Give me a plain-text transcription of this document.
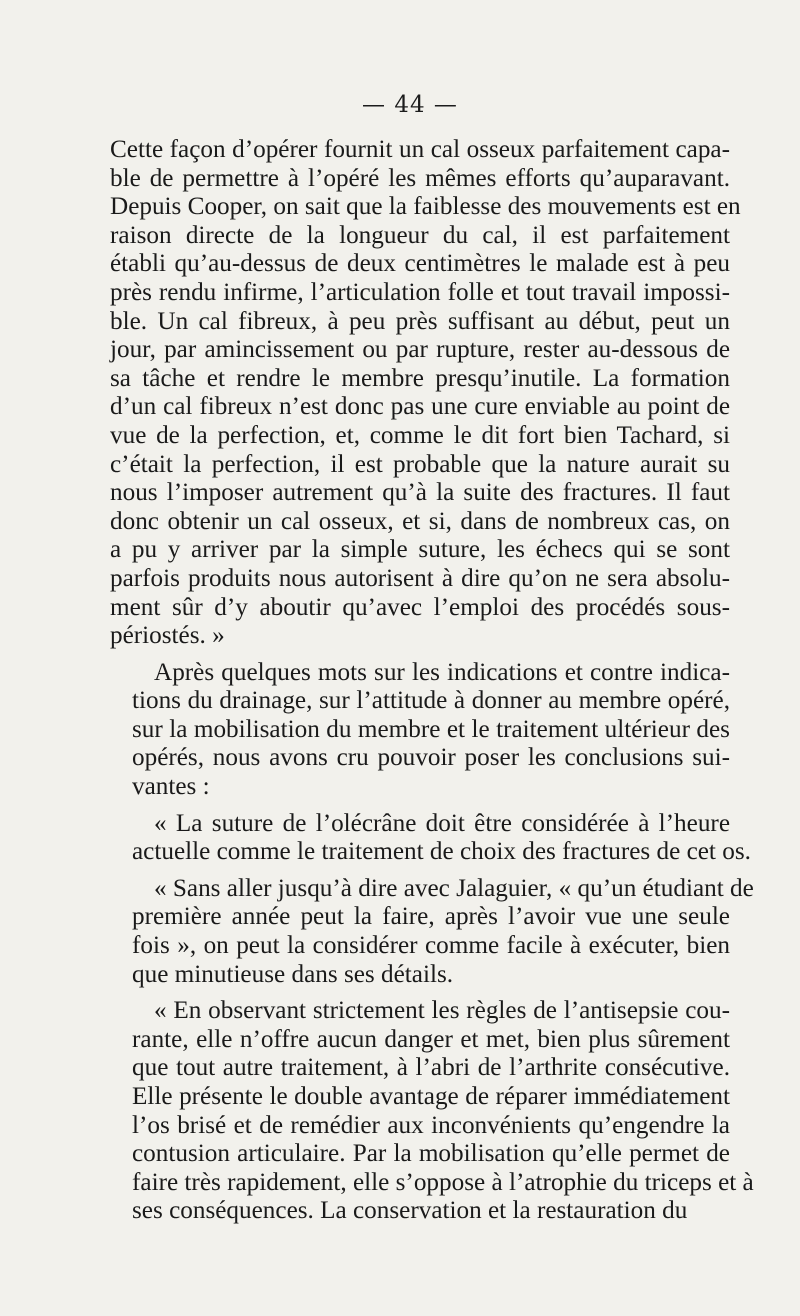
— 44 —

Cette façon d’opérer fournit un cal osseux parfaitement capa-
ble de permettre à l’opéré les mêmes efforts qu’auparavant.
Depuis Cooper, on sait que la faiblesse des mouvements est en
raison directe de la longueur du cal, il est parfaitement
établi qu’au-dessus de deux centimètres le malade est à peu
près rendu infirme, l’articulation folle et tout travail impossi-
ble. Un cal fibreux, à peu près suffisant au début, peut un
jour, par amincissement ou par rupture, rester au-dessous de
sa tâche et rendre le membre presqu’inutile. La formation
d’un cal fibreux n’est donc pas une cure enviable au point de
vue de la perfection, et, comme le dit fort bien Tachard, si
c’était la perfection, il est probable que la nature aurait su
nous l’imposer autrement qu’à la suite des fractures. Il faut
donc obtenir un cal osseux, et si, dans de nombreux cas, on
a pu y arriver par la simple suture, les échecs qui se sont
parfois produits nous autorisent à dire qu’on ne sera absolu-
ment sûr d’y aboutir qu’avec l’emploi des procédés sous-
périostés. »

Après quelques mots sur les indications et contre indica-
tions du drainage, sur l’attitude à donner au membre opéré,
sur la mobilisation du membre et le traitement ultérieur des
opérés, nous avons cru pouvoir poser les conclusions sui-
vantes :

« La suture de l’olécrâne doit être considérée à l’heure
actuelle comme le traitement de choix des fractures de cet os.

« Sans aller jusqu’à dire avec Jalaguier, « qu’un étudiant de
première année peut la faire, après l’avoir vue une seule
fois », on peut la considérer comme facile à exécuter, bien
que minutieuse dans ses détails.

« En observant strictement les règles de l’antisepsie cou-
rante, elle n’offre aucun danger et met, bien plus sûrement
que tout autre traitement, à l’abri de l’arthrite consécutive.
Elle présente le double avantage de réparer immédiatement
l’os brisé et de remédier aux inconvénients qu’engendre la
contusion articulaire. Par la mobilisation qu’elle permet de
faire très rapidement, elle s’oppose à l’atrophie du triceps et à
ses conséquences. La conservation et la restauration du
